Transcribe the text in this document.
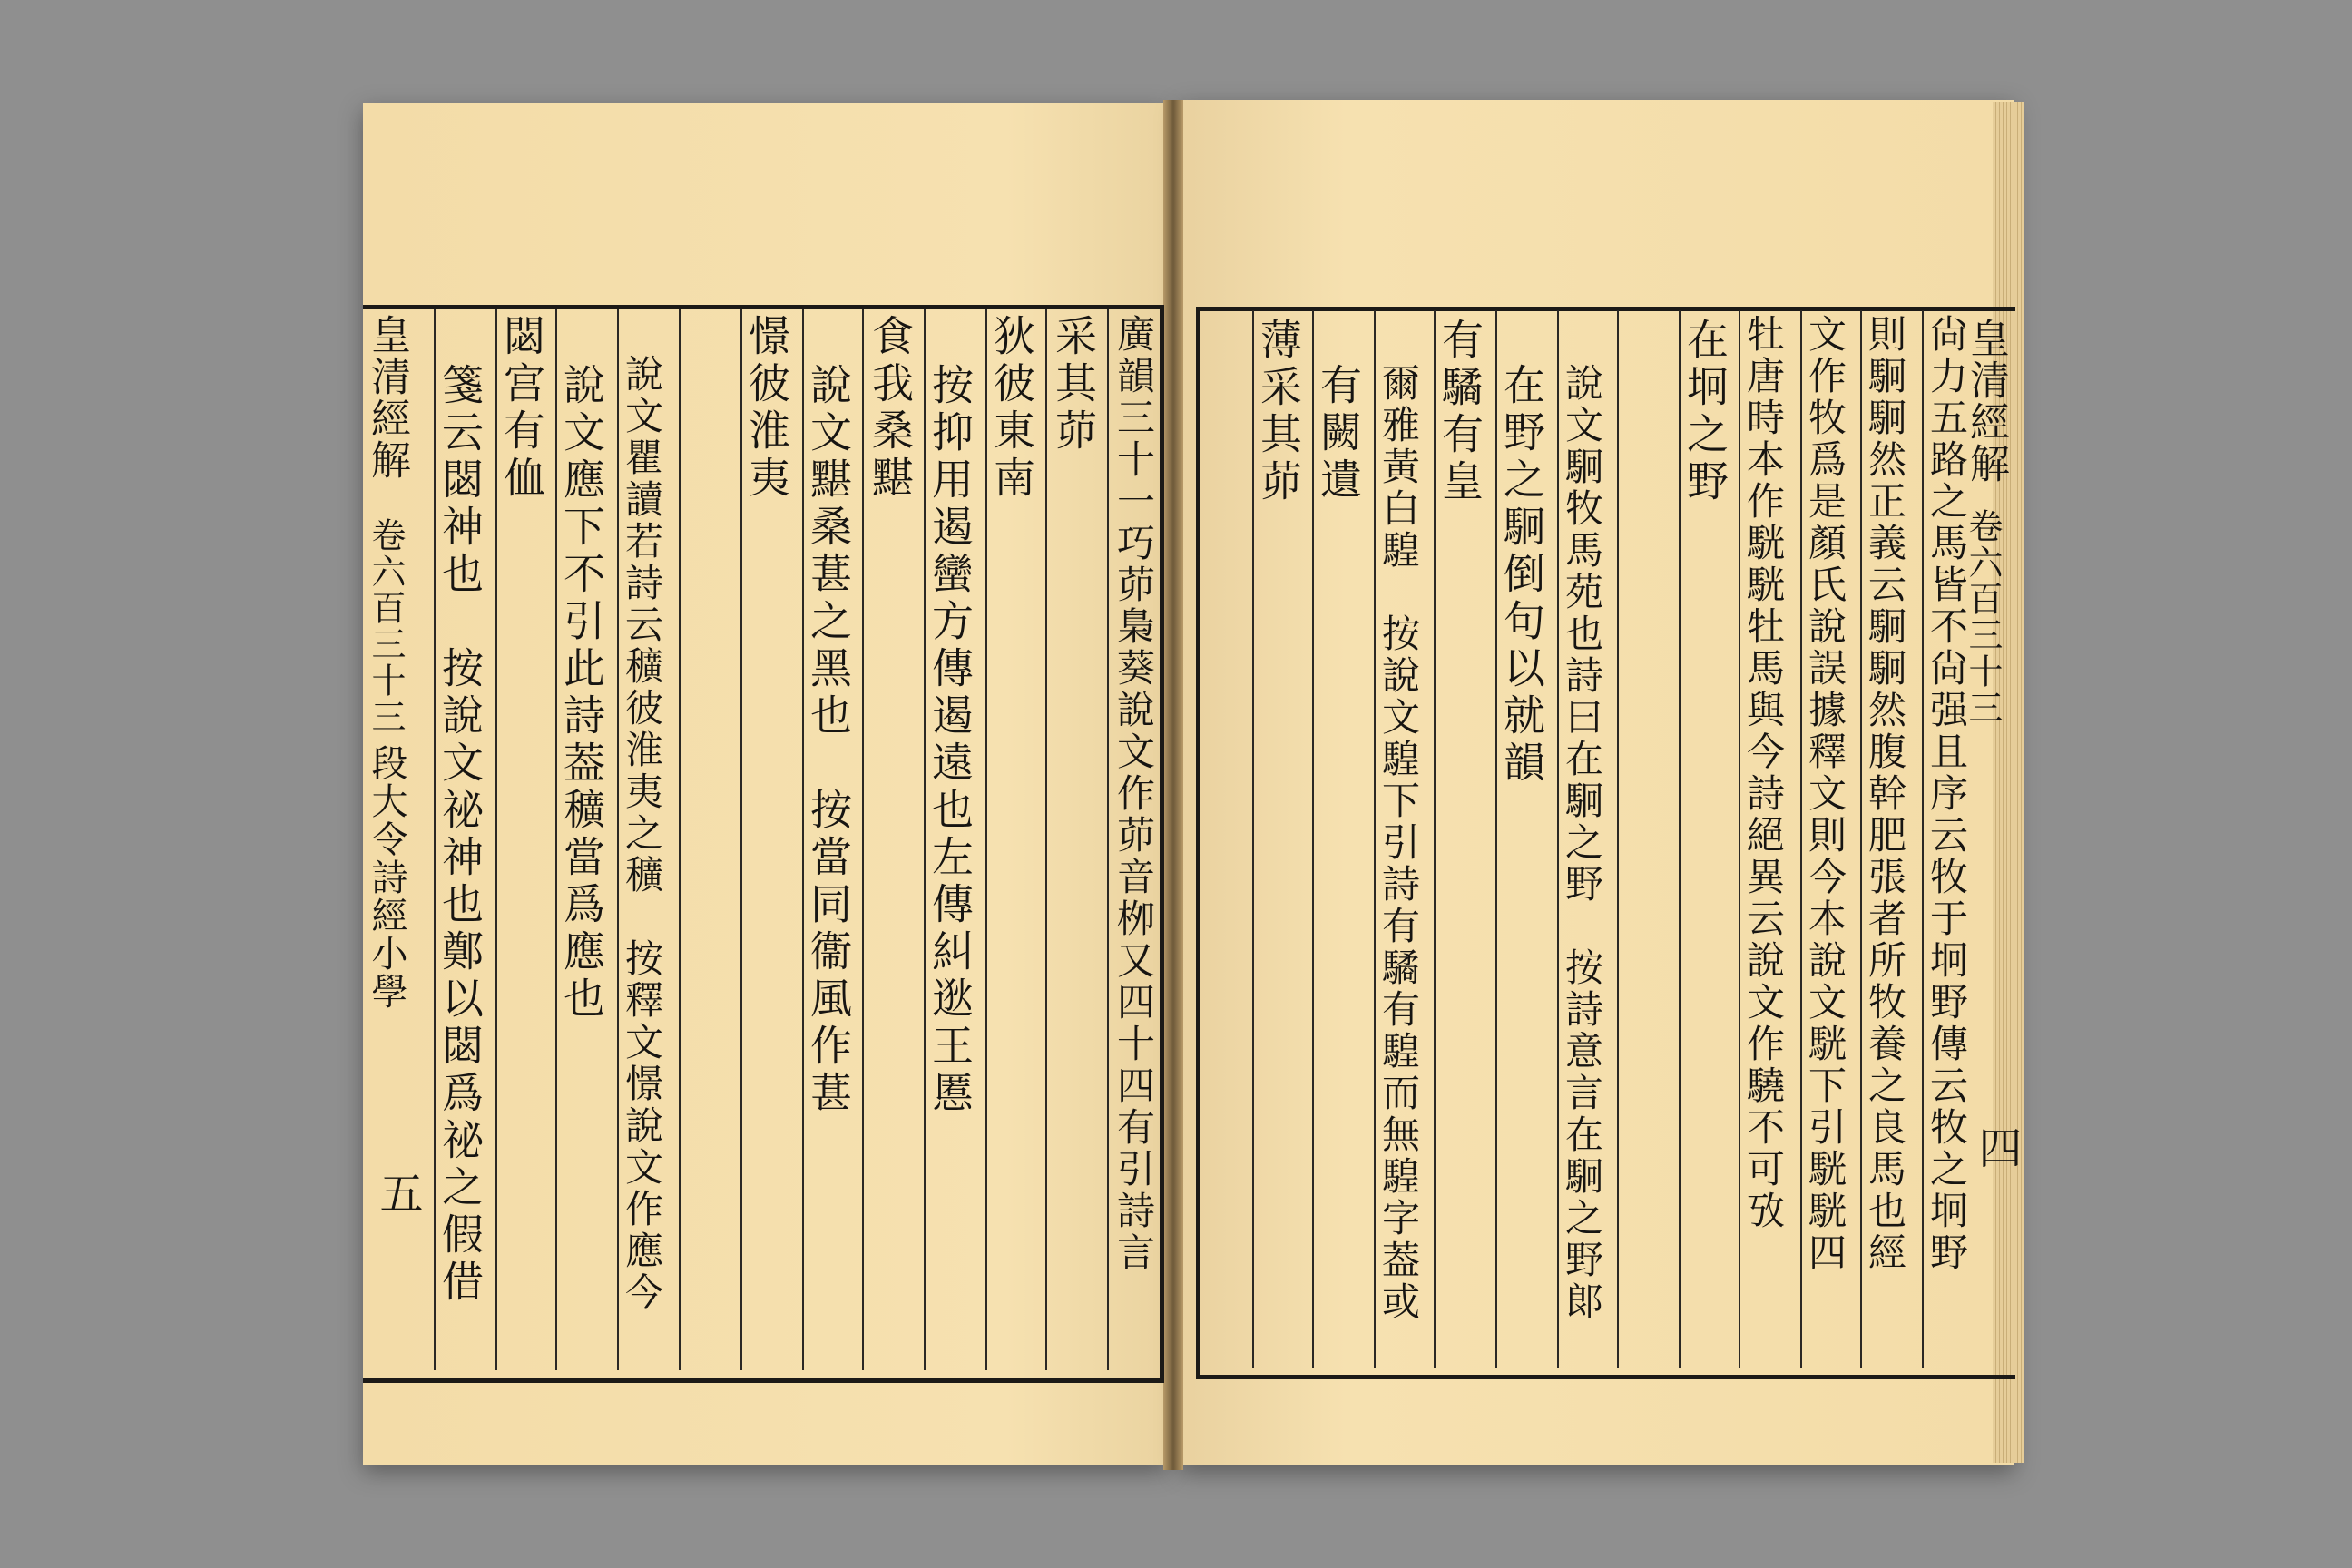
廣韻三十一巧茆梟葵說文作茆音栁又四十四有引詩言
采其茆
狄彼東南
按抑用遏蠻方傳遏遠也左傳糾逖王慝
食我桑黮
說文黮桑葚之黑也　按當同衞風作葚
憬彼淮夷
說文瞿讀若詩云穬彼淮夷之穬　按釋文憬說文作應今
說文應下不引此詩葢穬當爲應也
閟宫有侐
箋云閟神也　按說文祕神也鄭以閟爲祕之假借
皇清經解
卷六百三十三
段大令詩經小學
五	尙力五路之馬皆不尙强且序云牧于坰野傳云牧之坰野
則駉駉然正義云駉駉然腹幹肥張者所牧養之良馬也經
文作牧爲是顏氏說誤據釋文則今本說文駫下引駫駫四
牡唐時本作駫駫牡馬與今詩絕異云說文作驍不可攷
在坰之野
說文駉牧馬苑也詩曰在駉之野　按詩意言在駉之野郞
在野之駉倒句以就韻
有驈有皇
爾雅黃白騜　按說文騜下引詩有驈有騜而無騜字葢或
有闕遺
薄采其茆	皇清經解
卷六百三十三
四
